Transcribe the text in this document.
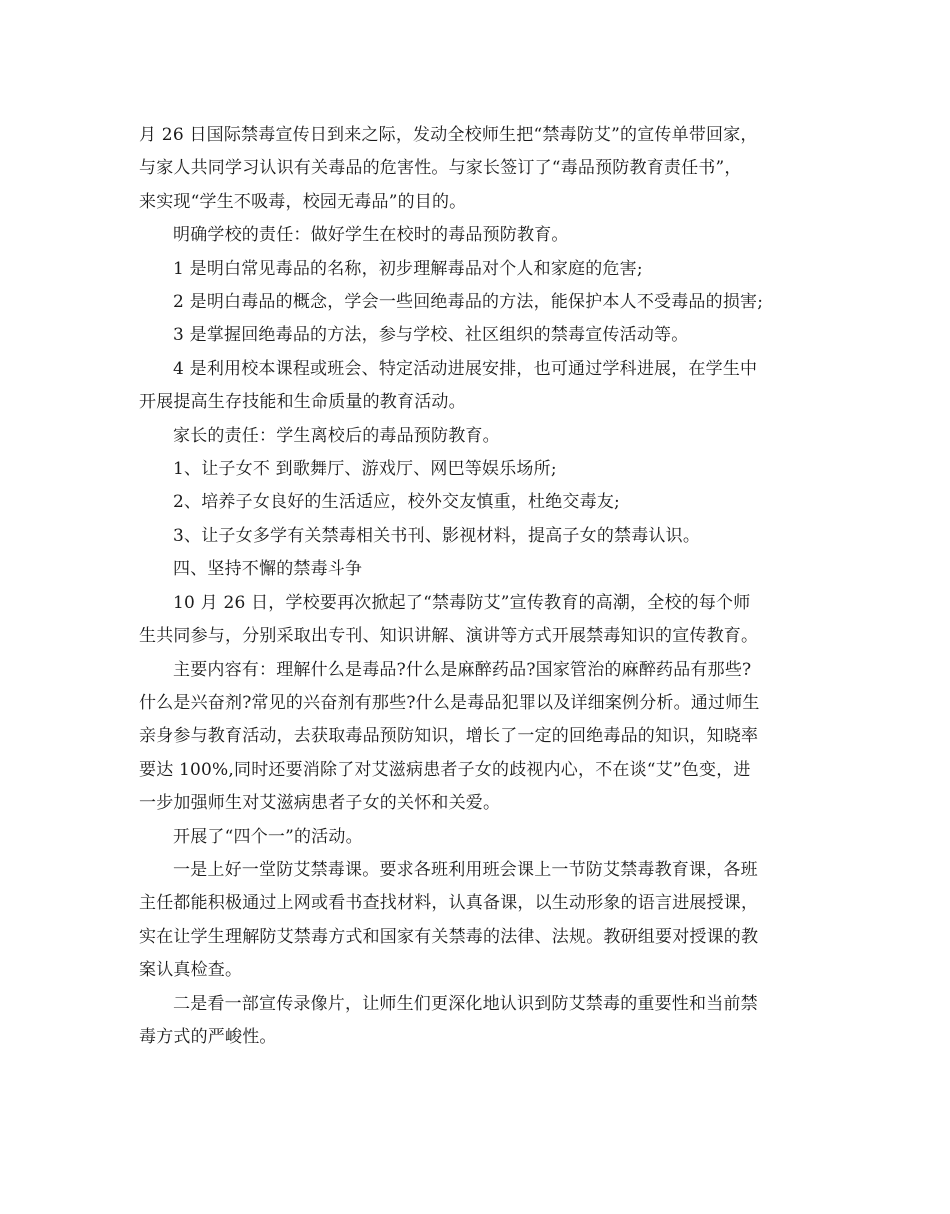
月 26 日国际禁毒宣传日到来之际，发动全校师生把“禁毒防艾”的宣传单带回家，
与家人共同学习认识有关毒品的危害性。与家长签订了“毒品预防教育责任书”，
来实现“学生不吸毒，校园无毒品”的目的。

明确学校的责任：做好学生在校时的毒品预防教育。

1 是明白常见毒品的名称，初步理解毒品对个人和家庭的危害;

2 是明白毒品的概念，学会一些回绝毒品的方法，能保护本人不受毒品的损害;

3 是掌握回绝毒品的方法，参与学校、社区组织的禁毒宣传活动等。

4 是利用校本课程或班会、特定活动进展安排，也可通过学科进展，在学生中
开展提高生存技能和生命质量的教育活动。

家长的责任：学生离校后的毒品预防教育。

1、让子女不 到歌舞厅、游戏厅、网巴等娱乐场所;

2、培养子女良好的生活适应，校外交友慎重，杜绝交毒友;

3、让子女多学有关禁毒相关书刊、影视材料，提高子女的禁毒认识。

四、坚持不懈的禁毒斗争

10 月 26 日，学校要再次掀起了“禁毒防艾”宣传教育的高潮，全校的每个师
生共同参与，分别采取出专刊、知识讲解、演讲等方式开展禁毒知识的宣传教育。

主要内容有：理解什么是毒品?什么是麻醉药品?国家管治的麻醉药品有那些?
什么是兴奋剂?常见的兴奋剂有那些?什么是毒品犯罪以及详细案例分析。通过师生
亲身参与教育活动，去获取毒品预防知识，增长了一定的回绝毒品的知识，知晓率
要达 100%,同时还要消除了对艾滋病患者子女的歧视内心，不在谈“艾”色变，进
一步加强师生对艾滋病患者子女的关怀和关爱。

开展了“四个一”的活动。

一是上好一堂防艾禁毒课。要求各班利用班会课上一节防艾禁毒教育课，各班
主任都能积极通过上网或看书查找材料，认真备课，以生动形象的语言进展授课，
实在让学生理解防艾禁毒方式和国家有关禁毒的法律、法规。教研组要对授课的教
案认真检查。

二是看一部宣传录像片，让师生们更深化地认识到防艾禁毒的重要性和当前禁
毒方式的严峻性。
